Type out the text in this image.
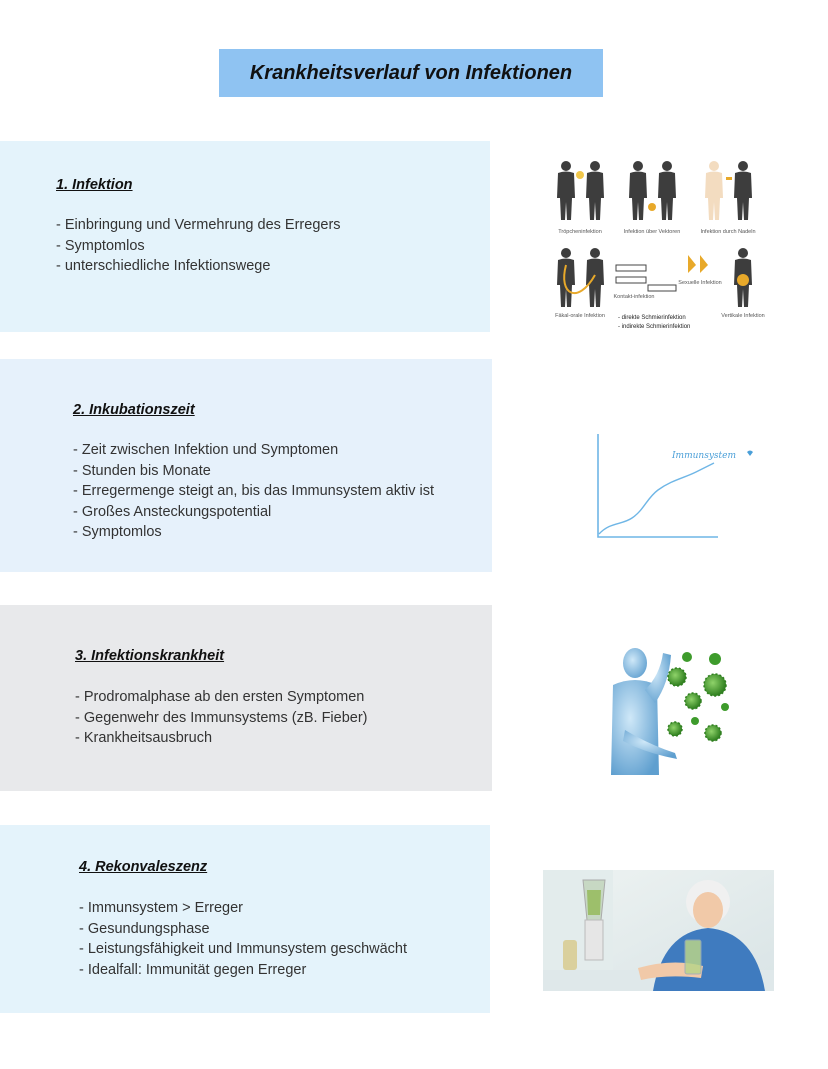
Krankheitsverlauf von Infektionen
1. Infektion
- Einbringung und Vermehrung des Erregers
- Symptomlos
- unterschiedliche Infektionswege
Tröpcheninfektion	Infektion über Vektoren	Infektion durch Nadeln
Fäkal-orale Infektion
Kontakt-infektion
Sexuelle Infektion
Vertikale Infektion
- direkte Schmierinfektion
- indirekte Schmierinfektion
2. Inkubationszeit
- Zeit zwischen Infektion und Symptomen
- Stunden bis Monate
- Erregermenge steigt an, bis das Immunsystem aktiv ist
- Großes Ansteckungspotential
- Symptomlos
Immunsystem
3. Infektionskrankheit
- Prodromalphase ab den ersten Symptomen
- Gegenwehr des Immunsystems (zB. Fieber)
- Krankheitsausbruch
4. Rekonvaleszenz
- Immunsystem > Erreger
- Gesundungsphase
- Leistungsfähigkeit und Immunsystem geschwächt
- Idealfall: Immunität gegen Erreger
